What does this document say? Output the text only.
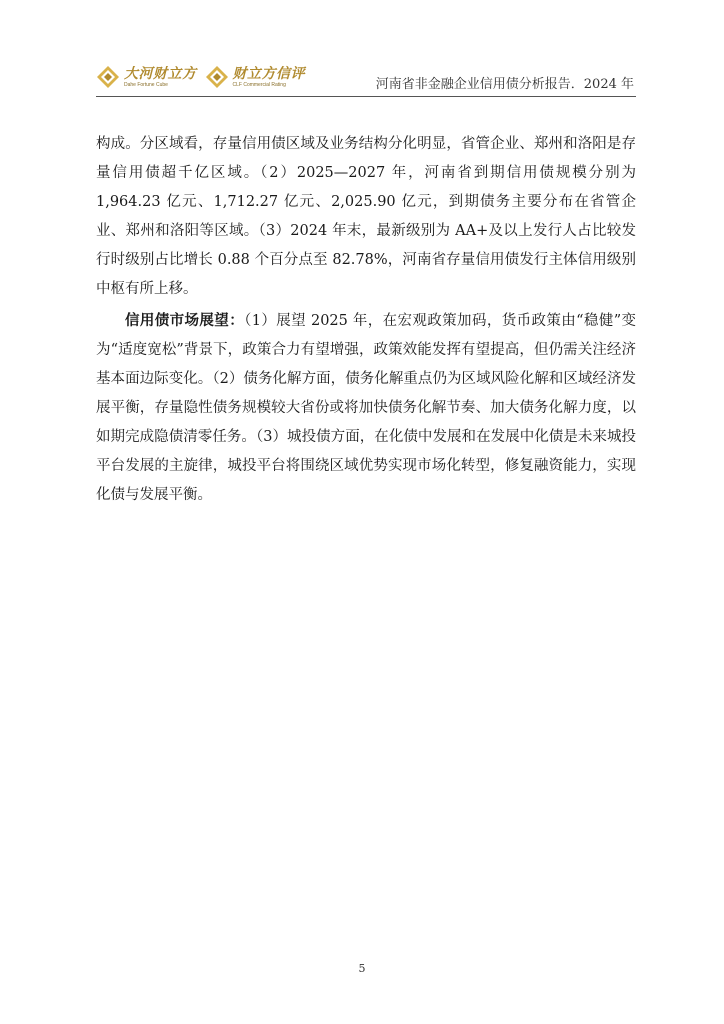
大河财立方
Dahe Fortune Cube
财立方信评
CLF Commercial Rating	河南省非金融企业信用债分析报告．2024 年

构成。分区域看，存量信用债区域及业务结构分化明显，省管企业、郑州和洛阳是存量信用债超千亿区域。（2）2025—2027 年，河南省到期信用债规模分别为 1,964.23 亿元、1,712.27 亿元、2,025.90 亿元，到期债务主要分布在省管企业、郑州和洛阳等区域。（3）2024 年末，最新级别为 AA+及以上发行人占比较发行时级别占比增长 0.88 个百分点至 82.78%，河南省存量信用债发行主体信用级别中枢有所上移。

信用债市场展望：（1）展望 2025 年，在宏观政策加码，货币政策由“稳健”变为“适度宽松”背景下，政策合力有望增强，政策效能发挥有望提高，但仍需关注经济基本面边际变化。（2）债务化解方面，债务化解重点仍为区域风险化解和区域经济发展平衡，存量隐性债务规模较大省份或将加快债务化解节奏、加大债务化解力度，以如期完成隐债清零任务。（3）城投债方面，在化债中发展和在发展中化债是未来城投平台发展的主旋律，城投平台将围绕区域优势实现市场化转型，修复融资能力，实现化债与发展平衡。

5
